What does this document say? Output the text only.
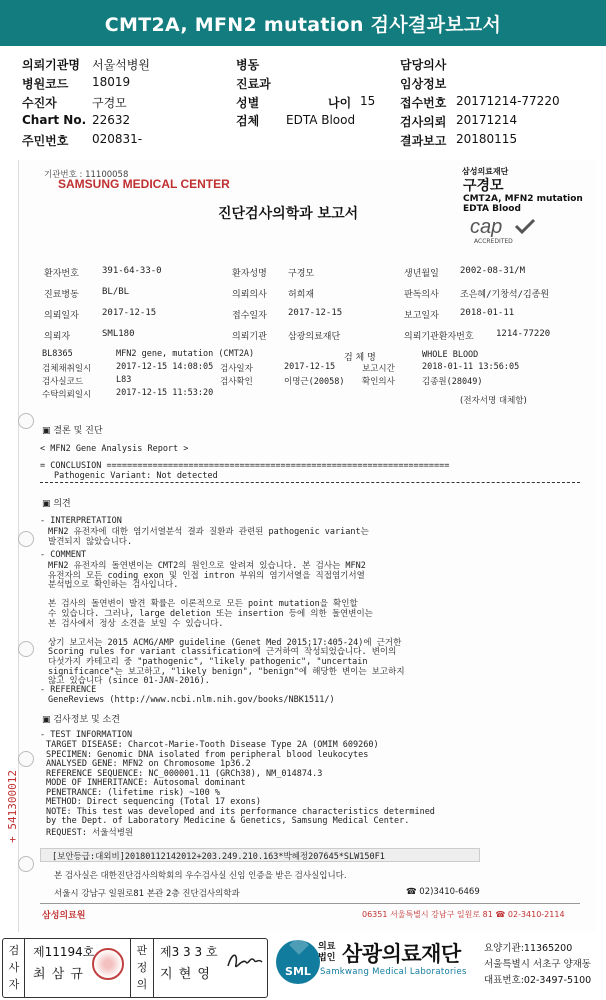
CMT2A, MFN2 mutation 검사결과보고서
의뢰기관명 서울석병원
병원코드 18019
수진자	구경모
Chart No. 22632
주민번호 020831-
병동
진료과
성별
검체 EDTA Blood
담당의사
임상정보
접수번호 20171214-77220
검사의뢰 20171214
결과보고 20180115
나이 15
기관번호 : 11100058
SAMSUNG MEDICAL CENTER
삼성의료재단
구경모
CMT2A, MFN2 mutation
EDTA Blood
cap
ACCREDITED
진단검사의학과 보고서
환자번호	391-64-33-0	환자성명 구경모	생년월일 2002-08-31/M
진료병동	BL/BL	의뢰의사 허희재	판독의사 조은혜/기창석/김종원
의뢰일자	2017-12-15	접수일자 2017-12-15	보고일자 2018-01-11
의뢰자	SML180	의뢰기관 삼광의료재단	의뢰기관환자번호 1214-77220
BL8365	MFN2 gene, mutation (CMT2A)	검 체 명	WHOLE BLOOD
검체채취일시	2017-12-15 14:08:05
검사실코드	L83
수탁의뢰일시	2017-12-15 11:53:20
검사일자	2017-12-15
검사확인	이명근(20058)
보고시간	2018-01-11 13:56:05
확인의사	김종원(28049)
(전자서명 대체함)
▣ 결론 및 진단
< MFN2 Gene Analysis Report >
= CONCLUSION ===================================================================
Pathogenic Variant: Not detected
▣ 의견
- INTERPRETATION
MFN2 유전자에 대한 염기서열분석 결과 질환과 관련된 pathogenic variant는
발견되지 않았습니다.
- COMMENT
MFN2 유전자의 돌연변이는 CMT2의 원인으로 알려져 있습니다. 본 검사는 MFN2
유전자의 모든 coding exon 및 인접 intron 부위의 염기서열을 직접염기서열
분석법으로 확인하는 검사입니다.
본 검사의 돌연변이 발견 확률은 이론적으로 모든 point mutation을 확인할
수 있습니다. 그러나, large deletion 또는 insertion 등에 의한 돌연변이는
본 검사에서 정상 소견을 보일 수 있습니다.
상기 보고서는 2015 ACMG/AMP guideline (Genet Med 2015;17:405-24)에 근거한
Scoring rules for variant classification에 근거하여 작성되었습니다. 변이의
다섯가지 카테고리 중 "pathogenic", "likely pathogenic", "uncertain
significance"는 보고하고, "likely benign", "benign"에 해당한 변이는 보고하지
않고 있습니다 (since 01-JAN-2016).
- REFERENCE
GeneReviews (http://www.ncbi.nlm.nih.gov/books/NBK1511/)
▣ 검사정보 및 소견
- TEST INFORMATION
TARGET DISEASE: Charcot-Marie-Tooth Disease Type 2A (OMIM 609260)
SPECIMEN: Genomic DNA isolated from peripheral blood leukocytes
ANALYSED GENE: MFN2 on Chromosome 1p36.2
REFERENCE SEQUENCE: NC_000001.11 (GRCh38), NM_014874.3
MODE OF INHERITANCE: Autosomal dominant
PENETRANCE: (lifetime risk) ~100 %
METHOD: Direct sequencing (Total 17 exons)
NOTE: This test was developed and its performance characteristics determined
by the Dept. of Laboratory Medicine & Genetics, Samsung Medical Center.
REQUEST: 서울석병원
+ 541300012
[보안등급:대외비]20180112142012+203.249.210.163*박혜정207645*SLW150F1
본 검사실은 대한진단검사의학회의 우수검사실 신임 인증을 받은 검사실입니다.
서울시 강남구 일원로81 본관 2층 진단검사의학과	☎ 02)3410-6469
삼성의료원	06351 서울특별시 강남구 일원로 81 ☎ 02-3410-2114
검사자
제11194호
최 삼 규
판정의
제3 3 3 호
지 현 영	SML
의료
법인 삼광의료재단
Samkwang Medical Laboratories
요양기관:11365200
서울특별시 서초구 양재동
대표번호:02-3497-5100
